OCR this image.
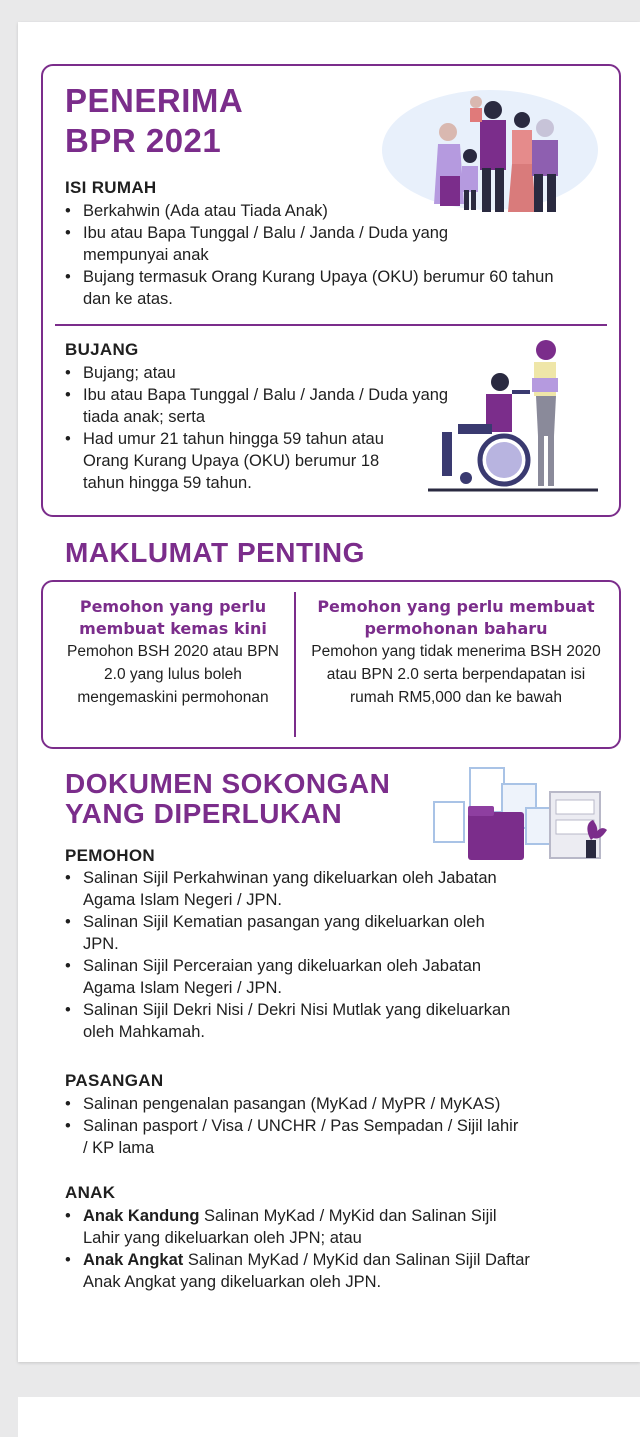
PENERIMA
BPR 2021
ISI RUMAH
• Berkahwin (Ada atau Tiada Anak)
• Ibu atau Bapa Tunggal / Balu / Janda / Duda yang mempunyai anak
• Bujang termasuk Orang Kurang Upaya (OKU) berumur 60 tahun dan ke atas.
BUJANG
• Bujang; atau
• Ibu atau Bapa Tunggal / Balu / Janda / Duda yang tiada anak; serta
• Had umur 21 tahun hingga 59 tahun atau Orang Kurang Upaya (OKU) berumur 18 tahun hingga 59 tahun.
MAKLUMAT PENTING
Pemohon yang perlu membuat kemas kini
Pemohon BSH 2020 atau BPN 2.0 yang lulus boleh mengemaskini permohonan
Pemohon yang perlu membuat permohonan baharu
Pemohon yang tidak menerima BSH 2020 atau BPN 2.0 serta berpendapatan isi rumah RM5,000 dan ke bawah
DOKUMEN SOKONGAN
YANG DIPERLUKAN
PEMOHON
• Salinan Sijil Perkahwinan yang dikeluarkan oleh Jabatan Agama Islam Negeri / JPN.
• Salinan Sijil Kematian pasangan yang dikeluarkan oleh JPN.
• Salinan Sijil Perceraian yang dikeluarkan oleh Jabatan Agama Islam Negeri / JPN.
• Salinan Sijil Dekri Nisi / Dekri Nisi Mutlak yang dikeluarkan oleh Mahkamah.
PASANGAN
• Salinan pengenalan pasangan (MyKad / MyPR / MyKAS)
• Salinan pasport / Visa / UNCHR / Pas Sempadan / Sijil lahir / KP lama
ANAK
• Anak Kandung Salinan MyKad / MyKid dan Salinan Sijil Lahir yang dikeluarkan oleh JPN; atau
• Anak Angkat Salinan MyKad / MyKid dan Salinan Sijil Daftar Anak Angkat yang dikeluarkan oleh JPN.
